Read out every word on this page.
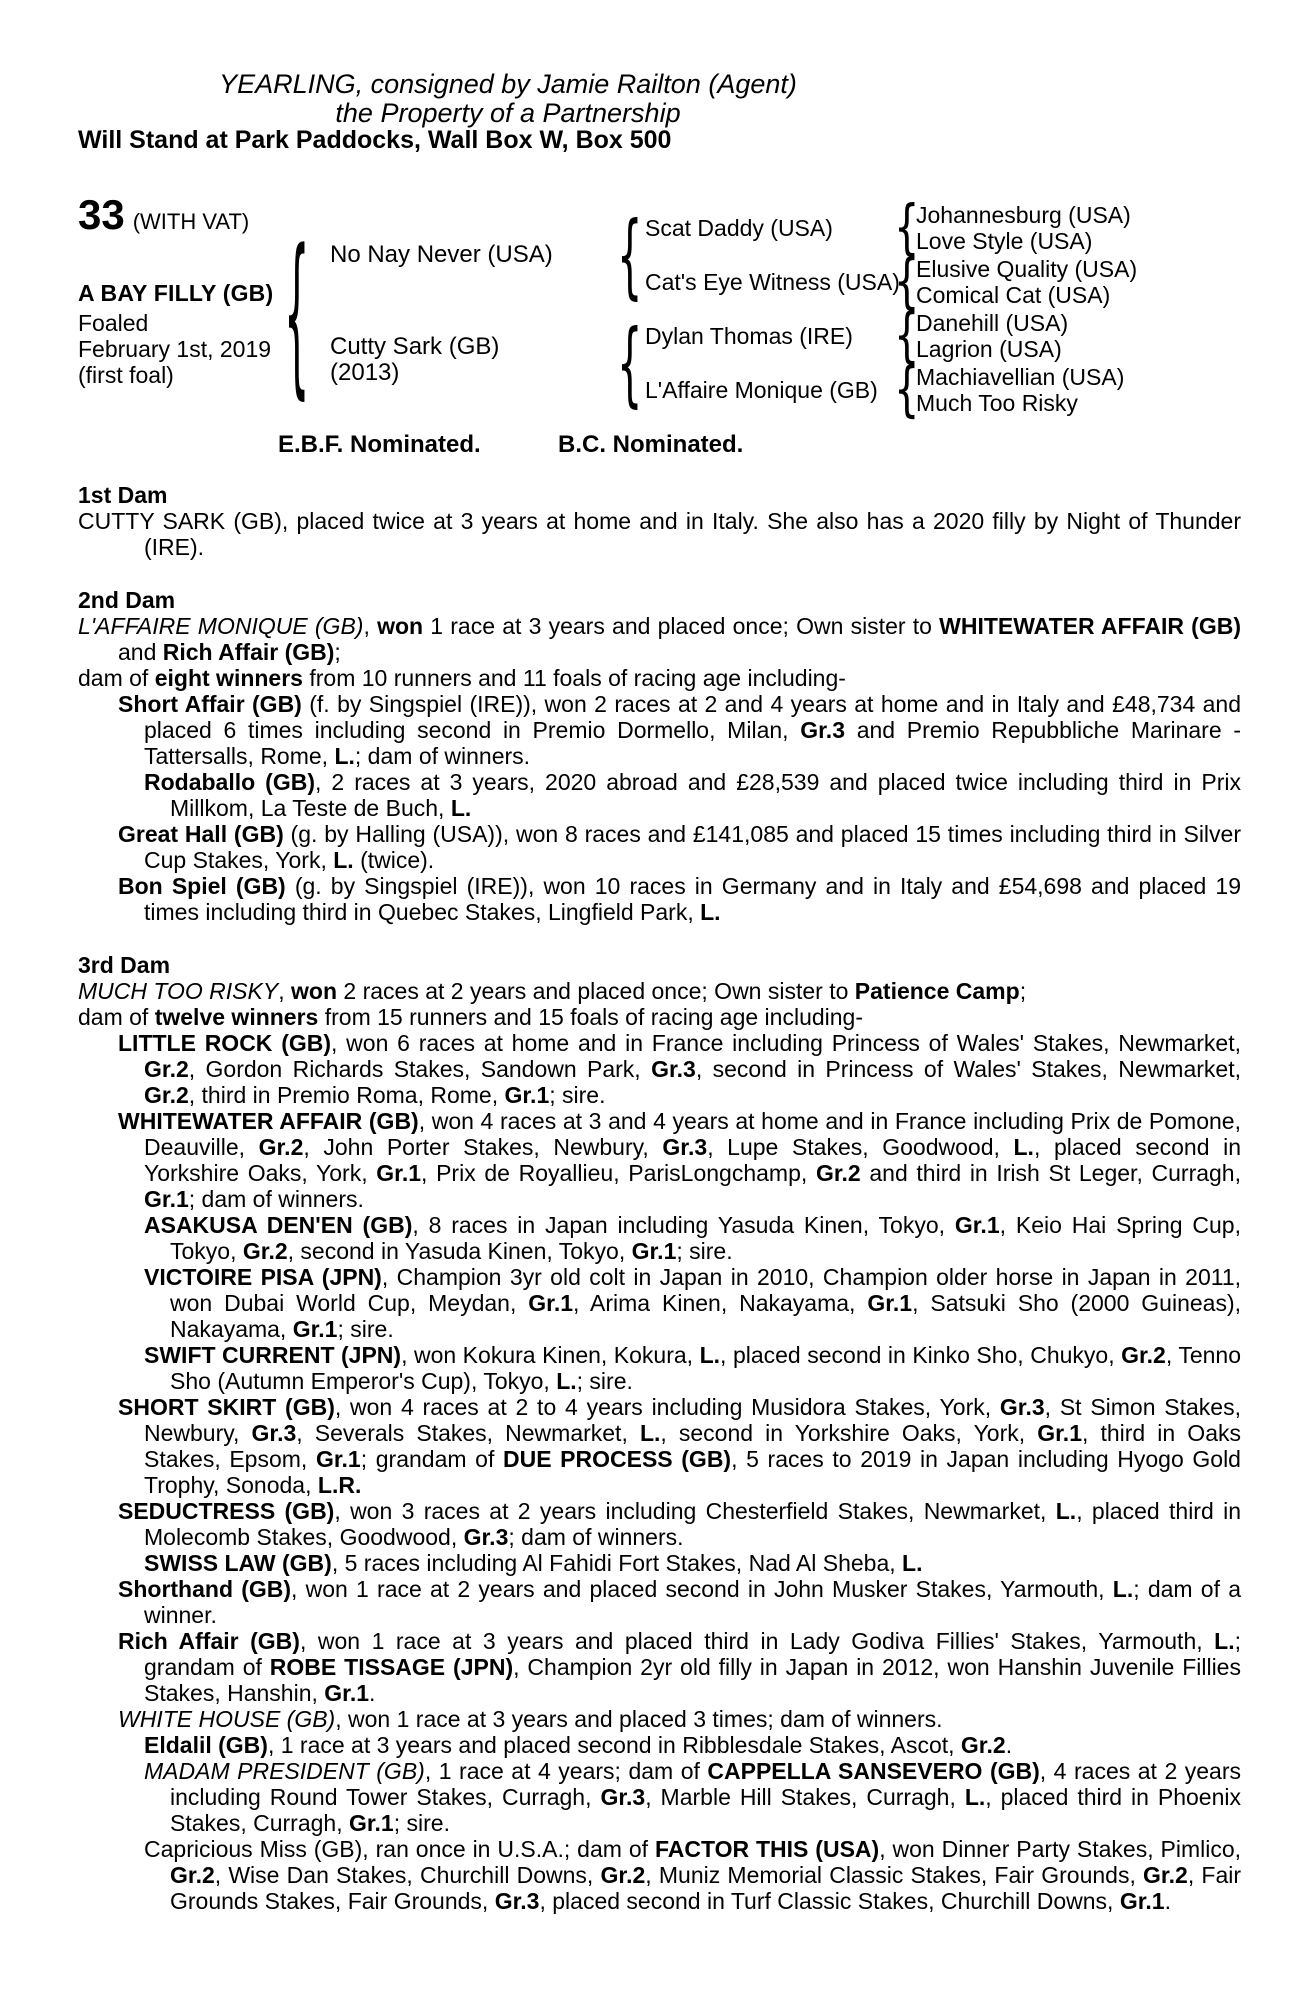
YEARLING, consigned by Jamie Railton (Agent)
the Property of a Partnership
Will Stand at Park Paddocks, Wall Box W, Box 500
33 (WITH VAT)
A BAY FILLY (GB)
Foaled
February 1st, 2019
(first foal)	{	{
{
{
{
{
{
No Nay Never (USA)
Cutty Sark (GB)
(2013)
Scat Daddy (USA)
Cat's Eye Witness (USA)
Dylan Thomas (IRE)
L'Affaire Monique (GB)
Johannesburg (USA)
Love Style (USA)
Elusive Quality (USA)
Comical Cat (USA)
Danehill (USA)
Lagrion (USA)
Machiavellian (USA)
Much Too Risky
E.B.F. Nominated.	B.C. Nominated.
1st Dam

CUTTY SARK (GB), placed twice at 3 years at home and in Italy. She also has a 2020 filly by Night of Thunder (IRE).

2nd Dam

L'AFFAIRE MONIQUE (GB), won 1 race at 3 years and placed once; Own sister to WHITEWATER AFFAIR (GB) and Rich Affair (GB);

dam of eight winners from 10 runners and 11 foals of racing age including-

Short Affair (GB) (f. by Singspiel (IRE)), won 2 races at 2 and 4 years at home and in Italy and £48,734 and placed 6 times including second in Premio Dormello, Milan, Gr.3 and Premio Repubbliche Marinare -Tattersalls, Rome, L.; dam of winners.

Rodaballo (GB), 2 races at 3 years, 2020 abroad and £28,539 and placed twice including third in Prix Millkom, La Teste de Buch, L.

Great Hall (GB) (g. by Halling (USA)), won 8 races and £141,085 and placed 15 times including third in Silver Cup Stakes, York, L. (twice).

Bon Spiel (GB) (g. by Singspiel (IRE)), won 10 races in Germany and in Italy and £54,698 and placed 19 times including third in Quebec Stakes, Lingfield Park, L.

3rd Dam

MUCH TOO RISKY, won 2 races at 2 years and placed once; Own sister to Patience Camp;

dam of twelve winners from 15 runners and 15 foals of racing age including-

LITTLE ROCK (GB), won 6 races at home and in France including Princess of Wales' Stakes, Newmarket, Gr.2, Gordon Richards Stakes, Sandown Park, Gr.3, second in Princess of Wales' Stakes, Newmarket, Gr.2, third in Premio Roma, Rome, Gr.1; sire.

WHITEWATER AFFAIR (GB), won 4 races at 3 and 4 years at home and in France including Prix de Pomone, Deauville, Gr.2, John Porter Stakes, Newbury, Gr.3, Lupe Stakes, Goodwood, L., placed second in Yorkshire Oaks, York, Gr.1, Prix de Royallieu, ParisLongchamp, Gr.2 and third in Irish St Leger, Curragh, Gr.1; dam of winners.

ASAKUSA DEN'EN (GB), 8 races in Japan including Yasuda Kinen, Tokyo, Gr.1, Keio Hai Spring Cup, Tokyo, Gr.2, second in Yasuda Kinen, Tokyo, Gr.1; sire.

VICTOIRE PISA (JPN), Champion 3yr old colt in Japan in 2010, Champion older horse in Japan in 2011, won Dubai World Cup, Meydan, Gr.1, Arima Kinen, Nakayama, Gr.1, Satsuki Sho (2000 Guineas), Nakayama, Gr.1; sire.

SWIFT CURRENT (JPN), won Kokura Kinen, Kokura, L., placed second in Kinko Sho, Chukyo, Gr.2, Tenno Sho (Autumn Emperor's Cup), Tokyo, L.; sire.

SHORT SKIRT (GB), won 4 races at 2 to 4 years including Musidora Stakes, York, Gr.3, St Simon Stakes, Newbury, Gr.3, Severals Stakes, Newmarket, L., second in Yorkshire Oaks, York, Gr.1, third in Oaks Stakes, Epsom, Gr.1; grandam of DUE PROCESS (GB), 5 races to 2019 in Japan including Hyogo Gold Trophy, Sonoda, L.R.

SEDUCTRESS (GB), won 3 races at 2 years including Chesterfield Stakes, Newmarket, L., placed third in Molecomb Stakes, Goodwood, Gr.3; dam of winners.

SWISS LAW (GB), 5 races including Al Fahidi Fort Stakes, Nad Al Sheba, L.

Shorthand (GB), won 1 race at 2 years and placed second in John Musker Stakes, Yarmouth, L.; dam of a winner.

Rich Affair (GB), won 1 race at 3 years and placed third in Lady Godiva Fillies' Stakes, Yarmouth, L.; grandam of ROBE TISSAGE (JPN), Champion 2yr old filly in Japan in 2012, won Hanshin Juvenile Fillies Stakes, Hanshin, Gr.1.

WHITE HOUSE (GB), won 1 race at 3 years and placed 3 times; dam of winners.

Eldalil (GB), 1 race at 3 years and placed second in Ribblesdale Stakes, Ascot, Gr.2.

MADAM PRESIDENT (GB), 1 race at 4 years; dam of CAPPELLA SANSEVERO (GB), 4 races at 2 years including Round Tower Stakes, Curragh, Gr.3, Marble Hill Stakes, Curragh, L., placed third in Phoenix Stakes, Curragh, Gr.1; sire.

Capricious Miss (GB), ran once in U.S.A.; dam of FACTOR THIS (USA), won Dinner Party Stakes, Pimlico, Gr.2, Wise Dan Stakes, Churchill Downs, Gr.2, Muniz Memorial Classic Stakes, Fair Grounds, Gr.2, Fair Grounds Stakes, Fair Grounds, Gr.3, placed second in Turf Classic Stakes, Churchill Downs, Gr.1.
